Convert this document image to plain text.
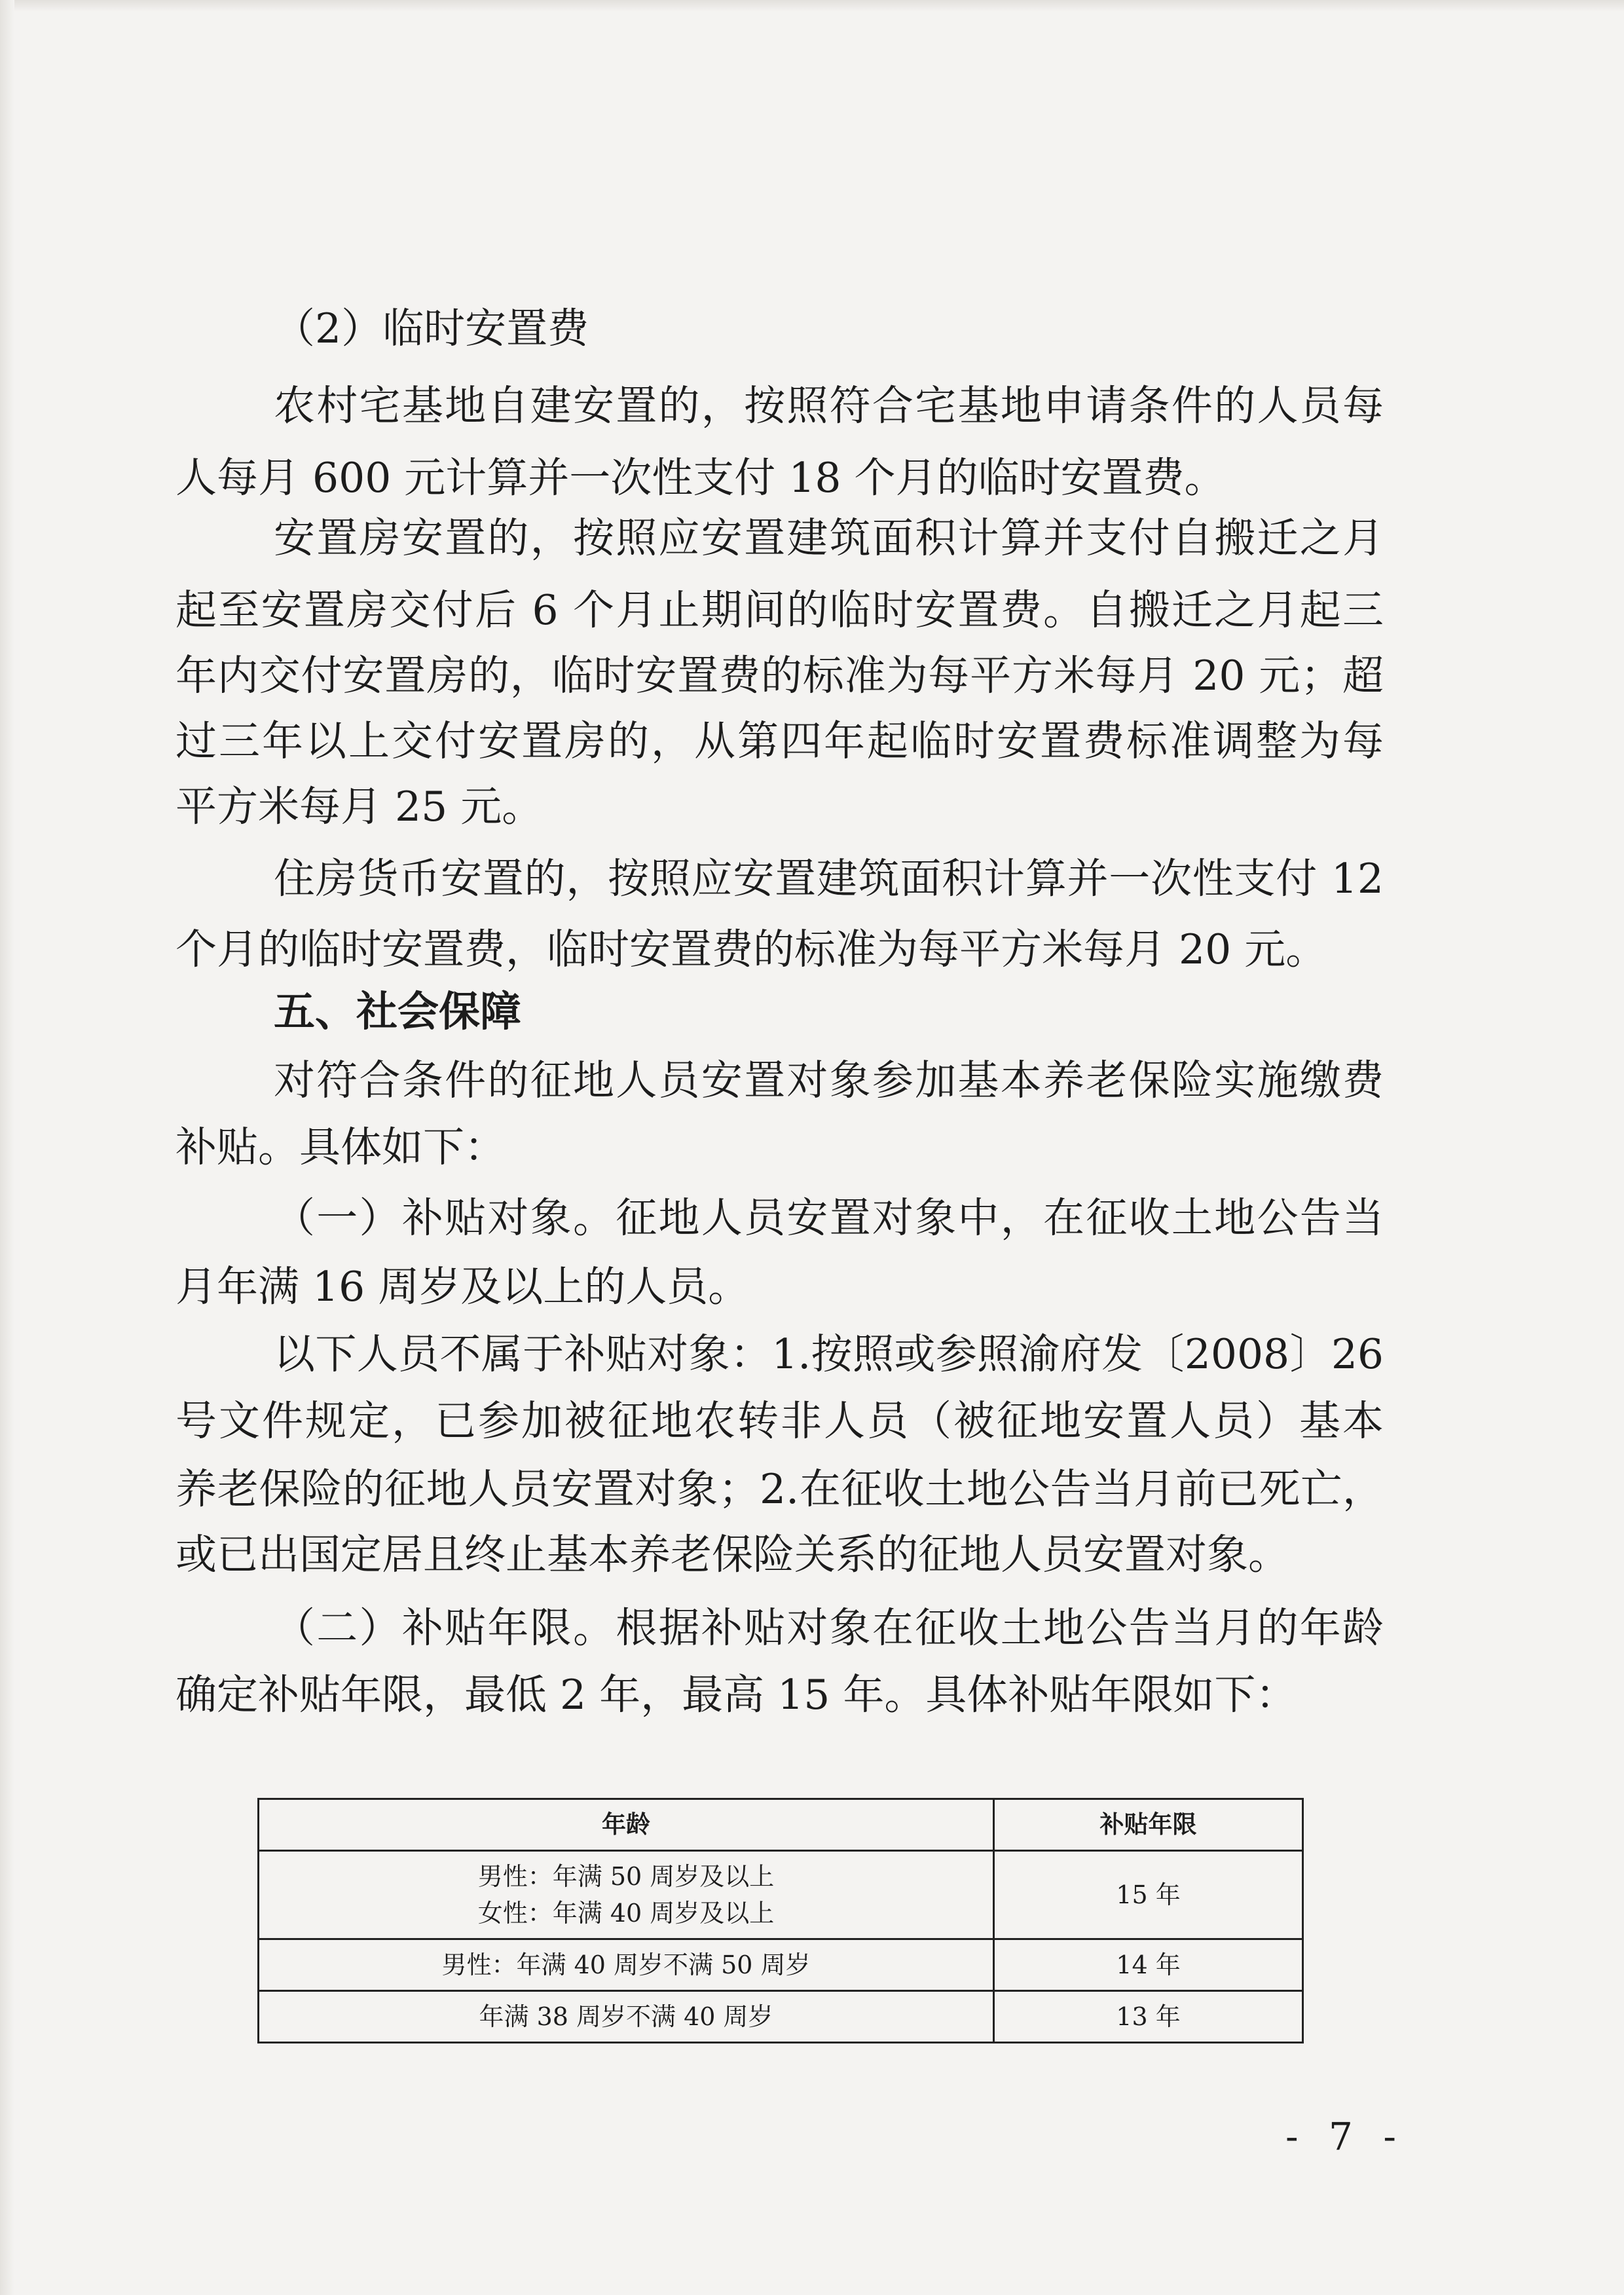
（2）临时安置费
农村宅基地自建安置的，按照符合宅基地申请条件的人员每
人每月 600 元计算并一次性支付 18 个月的临时安置费。
安置房安置的，按照应安置建筑面积计算并支付自搬迁之月
起至安置房交付后 6 个月止期间的临时安置费。自搬迁之月起三
年内交付安置房的，临时安置费的标准为每平方米每月 20 元；超
过三年以上交付安置房的，从第四年起临时安置费标准调整为每
平方米每月 25 元。
住房货币安置的，按照应安置建筑面积计算并一次性支付 12
个月的临时安置费，临时安置费的标准为每平方米每月 20 元。
五、社会保障
对符合条件的征地人员安置对象参加基本养老保险实施缴费
补贴。具体如下：
（一）补贴对象。征地人员安置对象中，在征收土地公告当
月年满 16 周岁及以上的人员。
以下人员不属于补贴对象：1.按照或参照渝府发〔2008〕26
号文件规定，已参加被征地农转非人员（被征地安置人员）基本
养老保险的征地人员安置对象；2.在征收土地公告当月前已死亡，
或已出国定居且终止基本养老保险关系的征地人员安置对象。
（二）补贴年限。根据补贴对象在征收土地公告当月的年龄
确定补贴年限，最低 2 年，最高 15 年。具体补贴年限如下：
年龄	补贴年限

男性：年满 50 周岁及以上
女性：年满 40 周岁及以上	15 年
男性：年满 40 周岁不满 50 周岁	14 年
年满 38 周岁不满 40 周岁	13 年
- 7 -
